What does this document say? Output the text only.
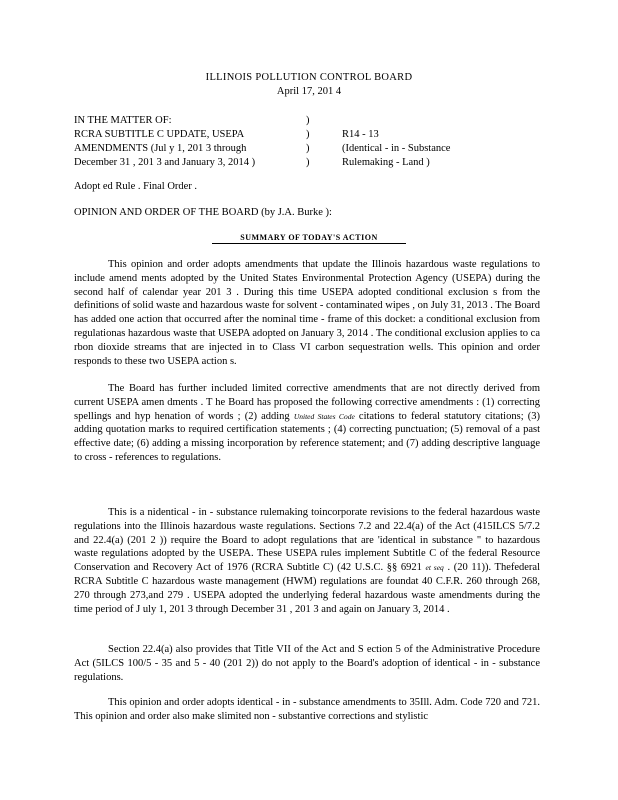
ILLINOIS POLLUTION CONTROL BOARD
April 17, 201 4
IN THE MATTER OF:	)
RCRA SUBTITLE C UPDATE, USEPA	)	R14 - 13
AMENDMENTS (Jul y 1, 201 3 through	)	(Identical - in - Substance
December 31 , 201 3 and January 3, 2014 )	)	Rulemaking - Land )
Adopt ed Rule . Final Order .
OPINION AND ORDER OF THE BOARD (by J.A. Burke ):
SUMMARY OF TODAY'S ACTION

This opinion and order adopts amendments that update the Illinois hazardous waste regulations to include amend ments adopted by the United States Environmental Protection Agency (USEPA) during the second half of calendar year 201 3 . During this time USEPA adopted conditional exclusion s from the definitions of solid waste and hazardous waste for solvent - contaminated wipes , on July 31, 2013 . The Board has added one action that occurred after the nominal time - frame of this docket: a conditional exclusion from regulationas hazardous waste that USEPA adopted on January 3, 2014 . The conditional exclusion applies to ca rbon dioxide streams that are injected in to Class VI carbon sequestration wells. This opinion and order responds to these two USEPA action s.

The Board has further included limited corrective amendments that are not directly derived from current USEPA amen dments . T he Board has proposed the following corrective amendments : (1) correcting spellings and hyp henation of words ; (2) adding United States Code citations to federal statutory citations; (3) adding quotation marks to required certification statements ; (4) correcting punctuation; (5) removal of a past effective date; (6) adding a missing incorporation by reference statement; and (7) adding descriptive language to cross - references to regulations.

This is a nidentical - in - substance rulemaking toincorporate revisions to the federal hazardous waste regulations into the Illinois hazardous waste regulations. Sections 7.2 and 22.4(a) of the Act (415ILCS 5/7.2 and 22.4(a) (201 2 )) require the Board to adopt regulations that are 'identical in substance " to hazardous waste regulations adopted by the USEPA. These USEPA rules implement Subtitle C of the federal Resource Conservation and Recovery Act of 1976 (RCRA Subtitle C) (42 U.S.C. §§ 6921 et seq . (20 11)). Thefederal RCRA Subtitle C hazardous waste management (HWM) regulations are foundat 40 C.F.R. 260 through 268, 270 through 273,and 279 . USEPA adopted the underlying federal hazardous waste amendments during the time period of J uly 1, 201 3 through December 31 , 201 3 and again on January 3, 2014 .

Section 22.4(a) also provides that Title VII of the Act and S ection 5 of the Administrative Procedure Act (5ILCS 100/5 - 35 and 5 - 40 (201 2)) do not apply to the Board's adoption of identical - in - substance regulations.

This opinion and order adopts identical - in - substance amendments to 35Ill. Adm. Code 720 and 721. This opinion and order also make slimited non - substantive corrections and stylistic
